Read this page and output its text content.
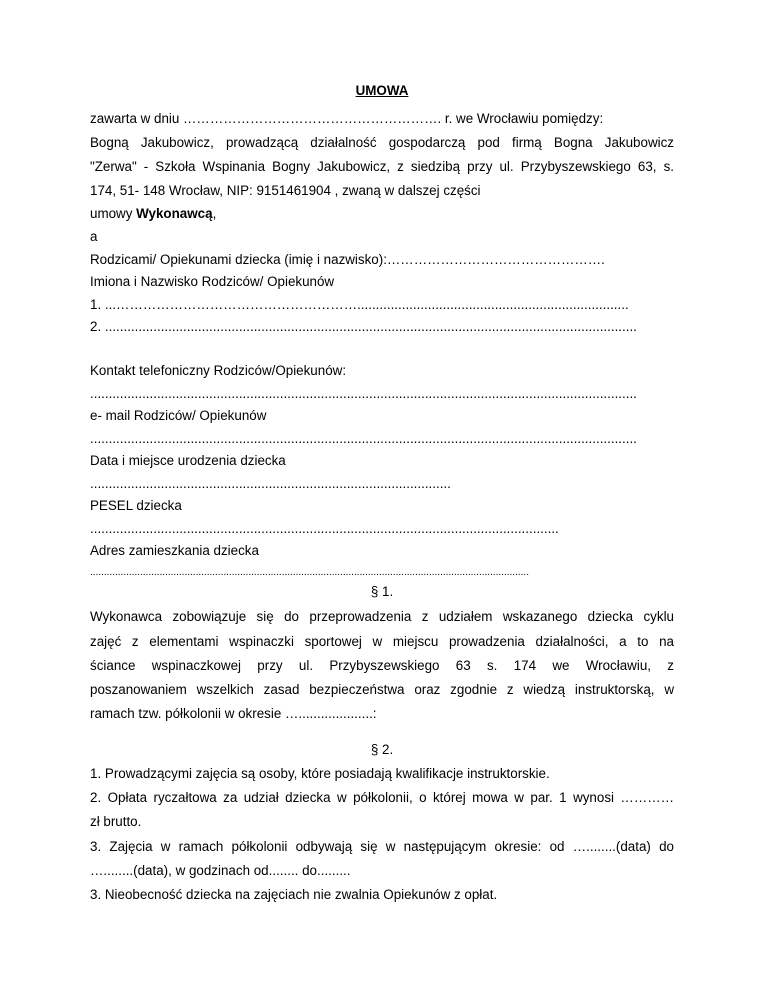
UMOWA
zawarta w dniu …………………………………………………. r. we Wrocławiu pomiędzy:
Bogną Jakubowicz, prowadzącą działalność gospodarczą pod firmą Bogna Jakubowicz
"Zerwa" - Szkoła Wspinania Bogny Jakubowicz, z siedzibą przy ul. Przybyszewskiego 63, s.
174, 51- 148 Wrocław, NIP: 9151461904 , zwaną w dalszej części
umowy Wykonawcą,
a
Rodzicami/ Opiekunami dziecka (imię i nazwisko):………………………………………….
Imiona i Nazwisko Rodziców/ Opiekunów
1. ...……………………………………………….........................................................................
2. ...............................................................................................................................................
Kontakt telefoniczny Rodziców/Opiekunów:
...................................................................................................................................................
e- mail Rodziców/ Opiekunów
...................................................................................................................................................
Data i miejsce urodzenia dziecka
.................................................................................................
PESEL dziecka
..............................................................................................................................
Adres zamieszkania dziecka
..............................................................................................................................................................
§ 1.
Wykonawca zobowiązuje się do przeprowadzenia z udziałem wskazanego dziecka cyklu
zajęć z elementami wspinaczki sportowej w miejscu prowadzenia działalności, a to na
ściance wspinaczkowej przy ul. Przybyszewskiego 63 s. 174 we Wrocławiu, z
poszanowaniem wszelkich zasad bezpieczeństwa oraz zgodnie z wiedzą instruktorską, w
ramach tzw. półkolonii w okresie …....................:
§ 2.
1. Prowadzącymi zajęcia są osoby, które posiadają kwalifikacje instruktorskie.
2. Opłata ryczałtowa za udział dziecka w półkolonii, o której mowa w par. 1 wynosi …………
zł brutto.
3. Zajęcia w ramach półkolonii odbywają się w następującym okresie: od …........(data) do
…........(data), w godzinach od........ do.........
3. Nieobecność dziecka na zajęciach nie zwalnia Opiekunów z opłat.
